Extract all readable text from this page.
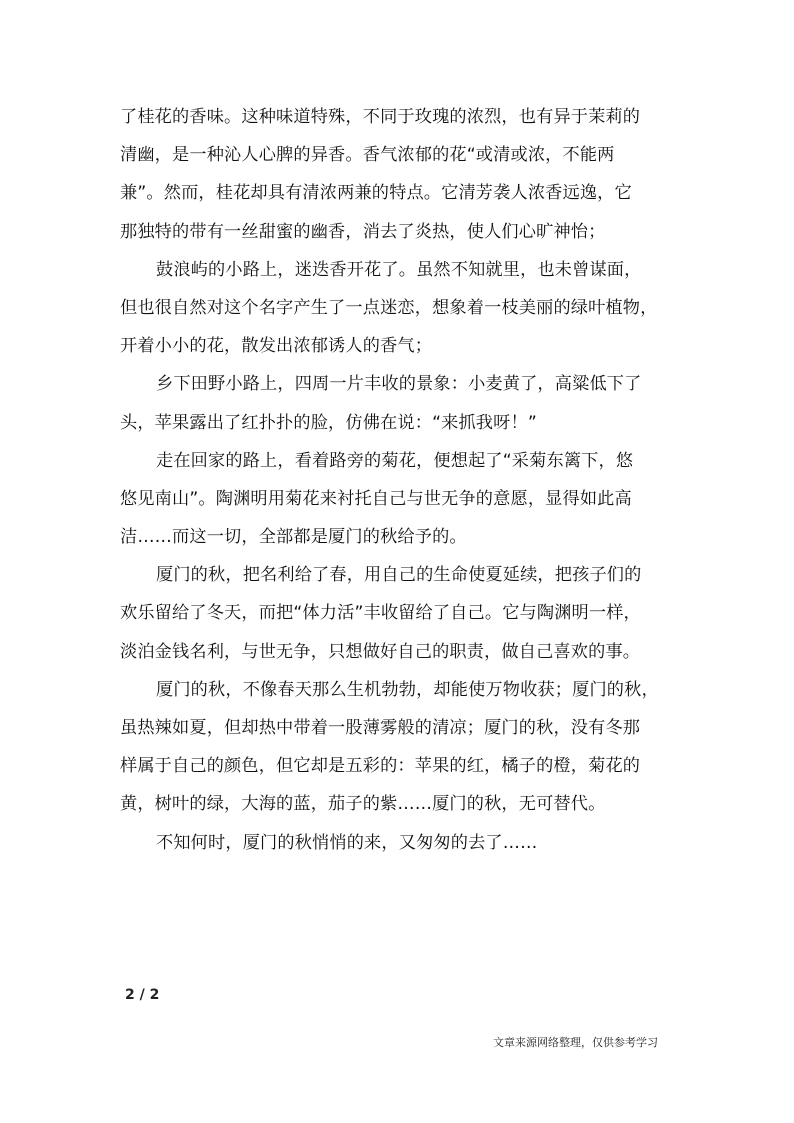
了桂花的香味。这种味道特殊，不同于玫瑰的浓烈，也有异于茉莉的
清幽，是一种沁人心脾的异香。香气浓郁的花“或清或浓，不能两
兼”。然而，桂花却具有清浓两兼的特点。它清芳袭人浓香远逸，它
那独特的带有一丝甜蜜的幽香，消去了炎热，使人们心旷神怡；
鼓浪屿的小路上，迷迭香开花了。虽然不知就里，也未曾谋面，
但也很自然对这个名字产生了一点迷恋，想象着一枝美丽的绿叶植物，
开着小小的花，散发出浓郁诱人的香气；
乡下田野小路上，四周一片丰收的景象：小麦黄了，高粱低下了
头，苹果露出了红扑扑的脸，仿佛在说：“来抓我呀！”
走在回家的路上，看着路旁的菊花，便想起了“采菊东篱下，悠
悠见南山”。陶渊明用菊花来衬托自己与世无争的意愿，显得如此高
洁……而这一切，全部都是厦门的秋给予的。
厦门的秋，把名利给了春，用自己的生命使夏延续，把孩子们的
欢乐留给了冬天，而把“体力活”丰收留给了自己。它与陶渊明一样，
淡泊金钱名利，与世无争，只想做好自己的职责，做自己喜欢的事。
厦门的秋，不像春天那么生机勃勃，却能使万物收获；厦门的秋，
虽热辣如夏，但却热中带着一股薄雾般的清凉；厦门的秋，没有冬那
样属于自己的颜色，但它却是五彩的：苹果的红，橘子的橙，菊花的
黄，树叶的绿，大海的蓝，茄子的紫……厦门的秋，无可替代。
不知何时，厦门的秋悄悄的来，又匆匆的去了……
2 / 2
文章来源网络整理，仅供参考学习
